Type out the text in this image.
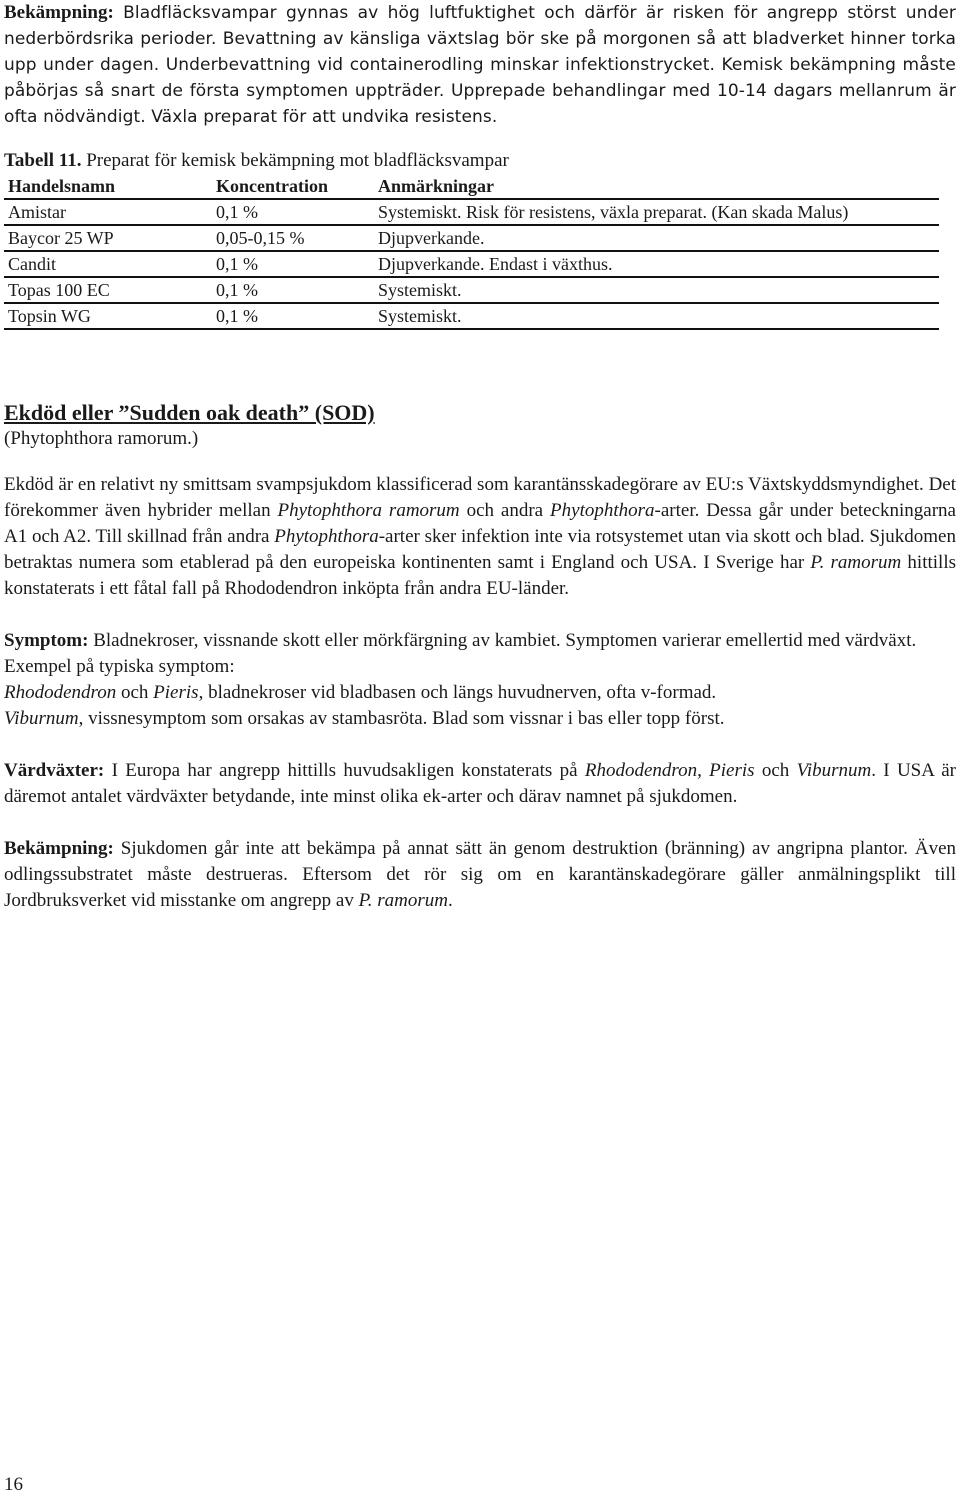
Bekämpning: Bladfläcksvampar gynnas av hög luftfuktighet och därför är risken för angrepp störst under nederbördsrika perioder. Bevattning av känsliga växtslag bör ske på morgonen så att bladverket hinner torka upp under dagen. Underbevattning vid containerodling minskar infektionstrycket. Kemisk bekämpning måste påbörjas så snart de första symptomen uppträder. Upprepade behandlingar med 10-14 dagars mellanrum är ofta nödvändigt. Växla preparat för att undvika resistens.

Tabell 11. Preparat för kemisk bekämpning mot bladfläcksvampar

Handelsnamn	Koncentration	Anmärkningar
Amistar	0,1 %	Systemiskt. Risk för resistens, växla preparat. (Kan skada Malus)
Baycor 25 WP	0,05-0,15 %	Djupverkande.
Candit	0,1 %	Djupverkande. Endast i växthus.
Topas 100 EC	0,1 %	Systemiskt.
Topsin WG	0,1 %	Systemiskt.

Ekdöd eller ”Sudden oak death” (SOD)

(Phytophthora ramorum.)

Ekdöd är en relativt ny smittsam svampsjukdom klassificerad som karantänsskadegörare av EU:s Växtskyddsmyndighet. Det förekommer även hybrider mellan Phytophthora ramorum och andra Phytophthora-arter. Dessa går under beteckningarna A1 och A2. Till skillnad från andra Phytophthora-arter sker infektion inte via rotsystemet utan via skott och blad. Sjukdomen betraktas numera som etablerad på den europeiska kontinenten samt i England och USA. I Sverige har P. ramorum hittills konstaterats i ett fåtal fall på Rhododendron inköpta från andra EU-länder.

Symptom: Bladnekroser, vissnande skott eller mörkfärgning av kambiet. Symptomen varierar emellertid med värdväxt. Exempel på typiska symptom:

Rhododendron och Pieris, bladnekroser vid bladbasen och längs huvudnerven, ofta v-formad.

Viburnum, vissnesymptom som orsakas av stambasröta. Blad som vissnar i bas eller topp först.

Värdväxter: I Europa har angrepp hittills huvudsakligen konstaterats på Rhododendron, Pieris och Viburnum. I USA är däremot antalet värdväxter betydande, inte minst olika ek-arter och därav namnet på sjukdomen.

Bekämpning: Sjukdomen går inte att bekämpa på annat sätt än genom destruktion (bränning) av angripna plantor. Även odlingssubstratet måste destrueras. Eftersom det rör sig om en karantänskadegörare gäller anmälningsplikt till Jordbruksverket vid misstanke om angrepp av P. ramorum.

16
